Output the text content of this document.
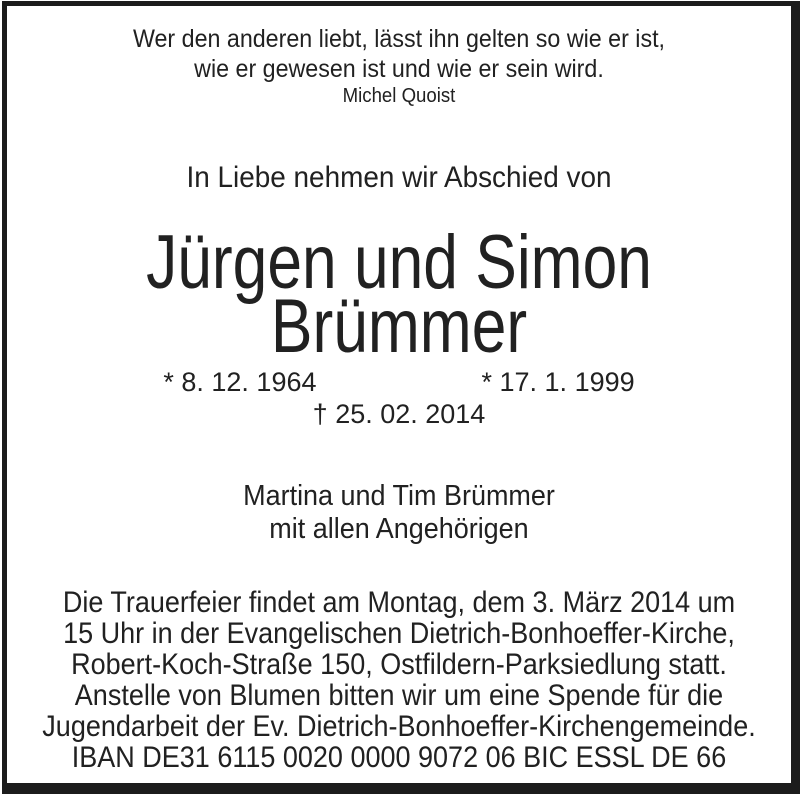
Wer den anderen liebt, lässt ihn gelten so wie er ist,
wie er gewesen ist und wie er sein wird.
Michel Quoist
In Liebe nehmen wir Abschied von
Jürgen und Simon
Brümmer
* 8. 12. 1964	* 17. 1. 1999
† 25. 02. 2014
Martina und Tim Brümmer
mit allen Angehörigen
Die Trauerfeier findet am Montag, dem 3. März 2014 um
15 Uhr in der Evangelischen Dietrich-Bonhoeffer-Kirche,
Robert-Koch-Straße 150, Ostfildern-Parksiedlung statt.
Anstelle von Blumen bitten wir um eine Spende für die
Jugendarbeit der Ev. Dietrich-Bonhoeffer-Kirchengemeinde.
IBAN DE31 6115 0020 0000 9072 06 BIC ESSL DE 66
